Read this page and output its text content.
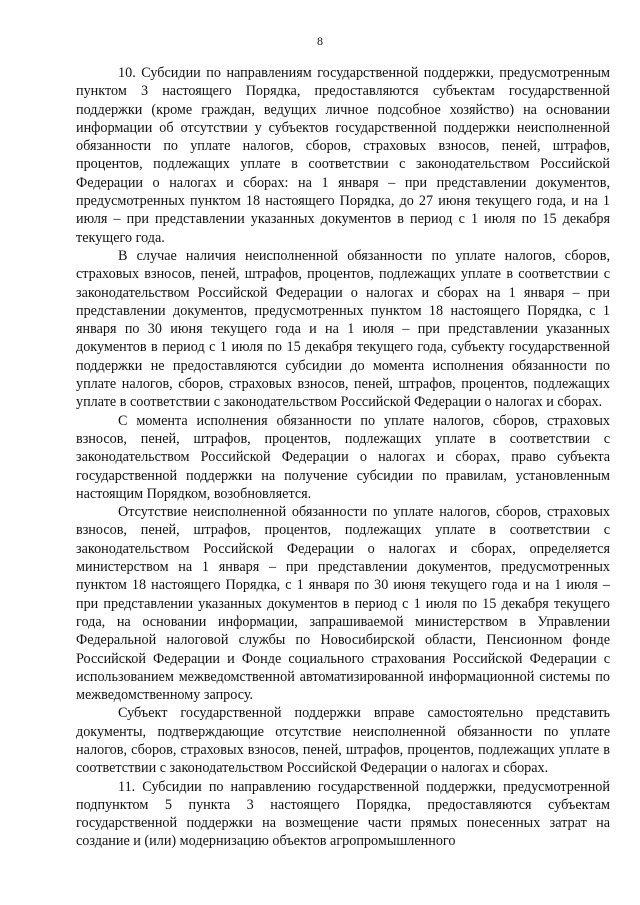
8

10. Субсидии по направлениям государственной поддержки, предусмотренным пунктом 3 настоящего Порядка, предоставляются субъектам государственной поддержки (кроме граждан, ведущих личное подсобное хозяйство) на основании информации об отсутствии у субъектов государственной поддержки неисполненной обязанности по уплате налогов, сборов, страховых взносов, пеней, штрафов, процентов, подлежащих уплате в соответствии с законодательством Российской Федерации о налогах и сборах: на 1 января – при представлении документов, предусмотренных пунктом 18 настоящего Порядка, до 27 июня текущего года, и на 1 июля – при представлении указанных документов в период с 1 июля по 15 декабря текущего года.

В случае наличия неисполненной обязанности по уплате налогов, сборов, страховых взносов, пеней, штрафов, процентов, подлежащих уплате в соответствии с законодательством Российской Федерации о налогах и сборах на 1 января – при представлении документов, предусмотренных пунктом 18 настоящего Порядка, с 1 января по 30 июня текущего года и на 1 июля – при представлении указанных документов в период с 1 июля по 15 декабря текущего года, субъекту государственной поддержки не предоставляются субсидии до момента исполнения обязанности по уплате налогов, сборов, страховых взносов, пеней, штрафов, процентов, подлежащих уплате в соответствии с законодательством Российской Федерации о налогах и сборах.

С момента исполнения обязанности по уплате налогов, сборов, страховых взносов, пеней, штрафов, процентов, подлежащих уплате в соответствии с законодательством Российской Федерации о налогах и сборах, право субъекта государственной поддержки на получение субсидии по правилам, установленным настоящим Порядком, возобновляется.

Отсутствие неисполненной обязанности по уплате налогов, сборов, страховых взносов, пеней, штрафов, процентов, подлежащих уплате в соответствии с законодательством Российской Федерации о налогах и сборах, определяется министерством на 1 января – при представлении документов, предусмотренных пунктом 18 настоящего Порядка, с 1 января по 30 июня текущего года и на 1 июля – при представлении указанных документов в период с 1 июля по 15 декабря текущего года, на основании информации, запрашиваемой министерством в Управлении Федеральной налоговой службы по Новосибирской области, Пенсионном фонде Российской Федерации и Фонде социального страхования Российской Федерации с использованием межведомственной автоматизированной информационной системы по межведомственному запросу.

Субъект государственной поддержки вправе самостоятельно представить документы, подтверждающие отсутствие неисполненной обязанности по уплате налогов, сборов, страховых взносов, пеней, штрафов, процентов, подлежащих уплате в соответствии с законодательством Российской Федерации о налогах и сборах.

11. Субсидии по направлению государственной поддержки, предусмотренной подпунктом 5 пункта 3 настоящего Порядка, предоставляются субъектам государственной поддержки на возмещение части прямых понесенных затрат на создание и (или) модернизацию объектов агропромышленного
